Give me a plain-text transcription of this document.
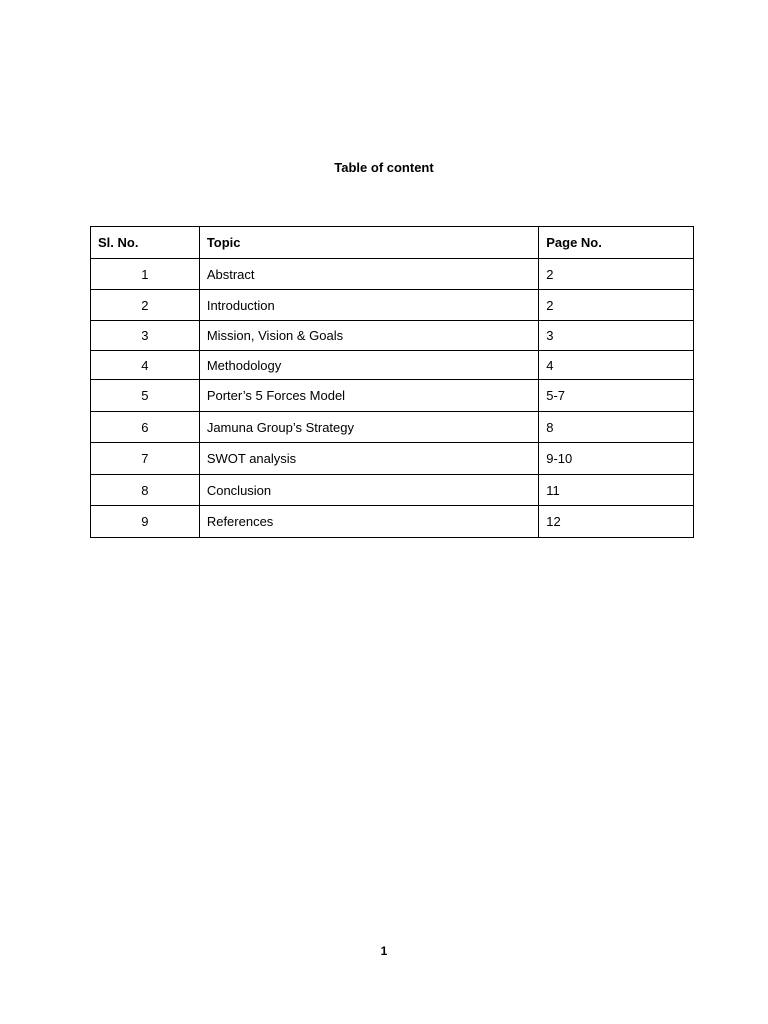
Table of content
Sl. No.	Topic	Page No.
1	Abstract	2
2	Introduction	2
3	Mission, Vision & Goals	3
4	Methodology	4
5	Porter’s 5 Forces Model	5-7
6	Jamuna Group’s Strategy	8
7	SWOT analysis	9-10
8	Conclusion	11
9	References	12
1
